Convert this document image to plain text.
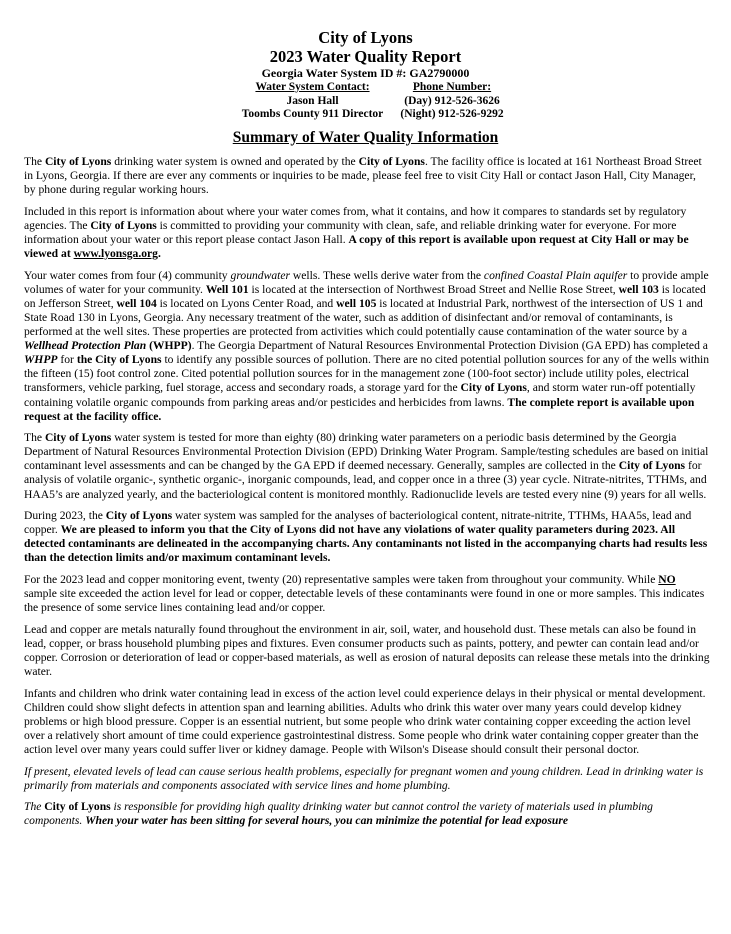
City of Lyons
2023 Water Quality Report
Georgia Water System ID #: GA2790000
Water System Contact:	Phone Number:
Jason Hall	(Day) 912-526-3626
Toombs County 911 Director	(Night) 912-526-9292
Summary of Water Quality Information

The City of Lyons drinking water system is owned and operated by the City of Lyons. The facility office is located at 161 Northeast Broad Street in Lyons, Georgia. If there are ever any comments or inquiries to be made, please feel free to visit City Hall or contact Jason Hall, City Manager, by phone during regular working hours.

Included in this report is information about where your water comes from, what it contains, and how it compares to standards set by regulatory agencies. The City of Lyons is committed to providing your community with clean, safe, and reliable drinking water for everyone. For more information about your water or this report please contact Jason Hall. A copy of this report is available upon request at City Hall or may be viewed at www.lyonsga.org.

Your water comes from four (4) community groundwater wells. These wells derive water from the confined Coastal Plain aquifer to provide ample volumes of water for your community. Well 101 is located at the intersection of Northwest Broad Street and Nellie Rose Street, well 103 is located on Jefferson Street, well 104 is located on Lyons Center Road, and well 105 is located at Industrial Park, northwest of the intersection of US 1 and State Road 130 in Lyons, Georgia. Any necessary treatment of the water, such as addition of disinfectant and/or removal of contaminants, is performed at the well sites. These properties are protected from activities which could potentially cause contamination of the water source by a Wellhead Protection Plan (WHPP). The Georgia Department of Natural Resources Environmental Protection Division (GA EPD) has completed a WHPP for the City of Lyons to identify any possible sources of pollution. There are no cited potential pollution sources for any of the wells within the fifteen (15) foot control zone. Cited potential pollution sources for in the management zone (100-foot sector) include utility poles, electrical transformers, vehicle parking, fuel storage, access and secondary roads, a storage yard for the City of Lyons, and storm water run-off potentially containing volatile organic compounds from parking areas and/or pesticides and herbicides from lawns. The complete report is available upon request at the facility office.

The City of Lyons water system is tested for more than eighty (80) drinking water parameters on a periodic basis determined by the Georgia Department of Natural Resources Environmental Protection Division (EPD) Drinking Water Program. Sample/testing schedules are based on initial contaminant level assessments and can be changed by the GA EPD if deemed necessary. Generally, samples are collected in the City of Lyons for analysis of volatile organic-, synthetic organic-, inorganic compounds, lead, and copper once in a three (3) year cycle. Nitrate-nitrites, TTHMs, and HAA5’s are analyzed yearly, and the bacteriological content is monitored monthly. Radionuclide levels are tested every nine (9) years for all wells.

During 2023, the City of Lyons water system was sampled for the analyses of bacteriological content, nitrate-nitrite, TTHMs, HAA5s, lead and copper. We are pleased to inform you that the City of Lyons did not have any violations of water quality parameters during 2023. All detected contaminants are delineated in the accompanying charts. Any contaminants not listed in the accompanying charts had results less than the detection limits and/or maximum contaminant levels.

For the 2023 lead and copper monitoring event, twenty (20) representative samples were taken from throughout your community. While NO sample site exceeded the action level for lead or copper, detectable levels of these contaminants were found in one or more samples. This indicates the presence of some service lines containing lead and/or copper.

Lead and copper are metals naturally found throughout the environment in air, soil, water, and household dust. These metals can also be found in lead, copper, or brass household plumbing pipes and fixtures. Even consumer products such as paints, pottery, and pewter can contain lead and/or copper. Corrosion or deterioration of lead or copper-based materials, as well as erosion of natural deposits can release these metals into the drinking water.

Infants and children who drink water containing lead in excess of the action level could experience delays in their physical or mental development. Children could show slight defects in attention span and learning abilities. Adults who drink this water over many years could develop kidney problems or high blood pressure. Copper is an essential nutrient, but some people who drink water containing copper exceeding the action level over a relatively short amount of time could experience gastrointestinal distress. Some people who drink water containing copper greater than the action level over many years could suffer liver or kidney damage. People with Wilson's Disease should consult their personal doctor.

If present, elevated levels of lead can cause serious health problems, especially for pregnant women and young children. Lead in drinking water is primarily from materials and components associated with service lines and home plumbing.

The City of Lyons is responsible for providing high quality drinking water but cannot control the variety of materials used in plumbing components. When your water has been sitting for several hours, you can minimize the potential for lead exposure
